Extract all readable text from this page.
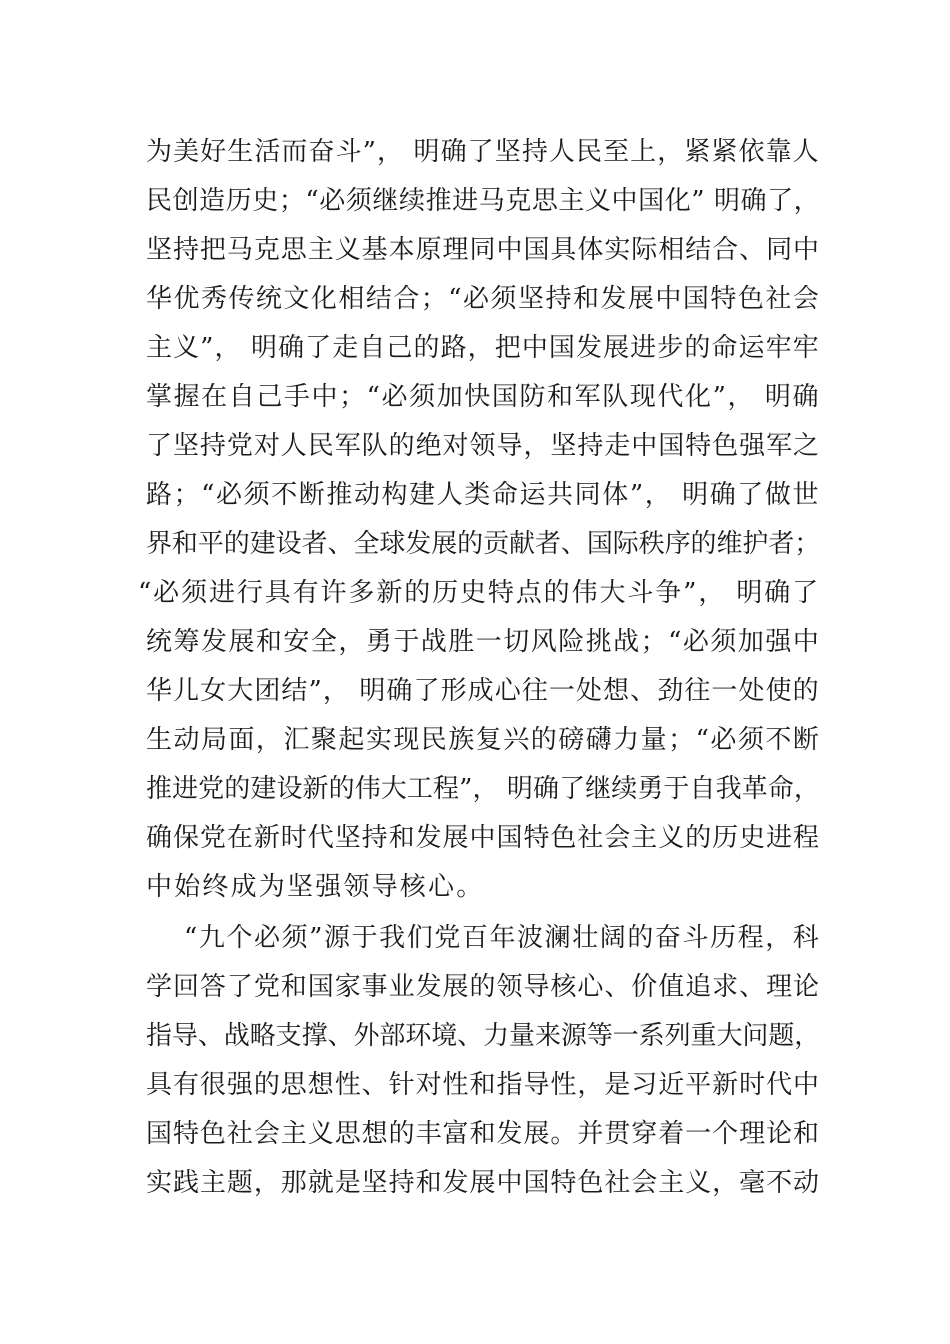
为美好生活而奋斗”， 明确了坚持人民至上，紧紧依靠人

民创造历史；“必须继续推进马克思主义中国化” 明确了，

坚持把马克思主义基本原理同中国具体实际相结合、同中

华优秀传统文化相结合；“必须坚持和发展中国特色社会

主义”， 明确了走自己的路，把中国发展进步的命运牢牢

掌握在自己手中；“必须加快国防和军队现代化”， 明确

了坚持党对人民军队的绝对领导，坚持走中国特色强军之

路；“必须不断推动构建人类命运共同体”， 明确了做世

界和平的建设者、全球发展的贡献者、国际秩序的维护者；

“必须进行具有许多新的历史特点的伟大斗争”， 明确了

统筹发展和安全，勇于战胜一切风险挑战；“必须加强中

华儿女大团结”， 明确了形成心往一处想、劲往一处使的

生动局面，汇聚起实现民族复兴的磅礴力量；“必须不断

推进党的建设新的伟大工程”， 明确了继续勇于自我革命，

确保党在新时代坚持和发展中国特色社会主义的历史进程

中始终成为坚强领导核心。

“九个必须”源于我们党百年波澜壮阔的奋斗历程，科

学回答了党和国家事业发展的领导核心、价值追求、理论

指导、战略支撑、外部环境、力量来源等一系列重大问题，

具有很强的思想性、针对性和指导性，是习近平新时代中

国特色社会主义思想的丰富和发展。并贯穿着一个理论和

实践主题，那就是坚持和发展中国特色社会主义，毫不动
